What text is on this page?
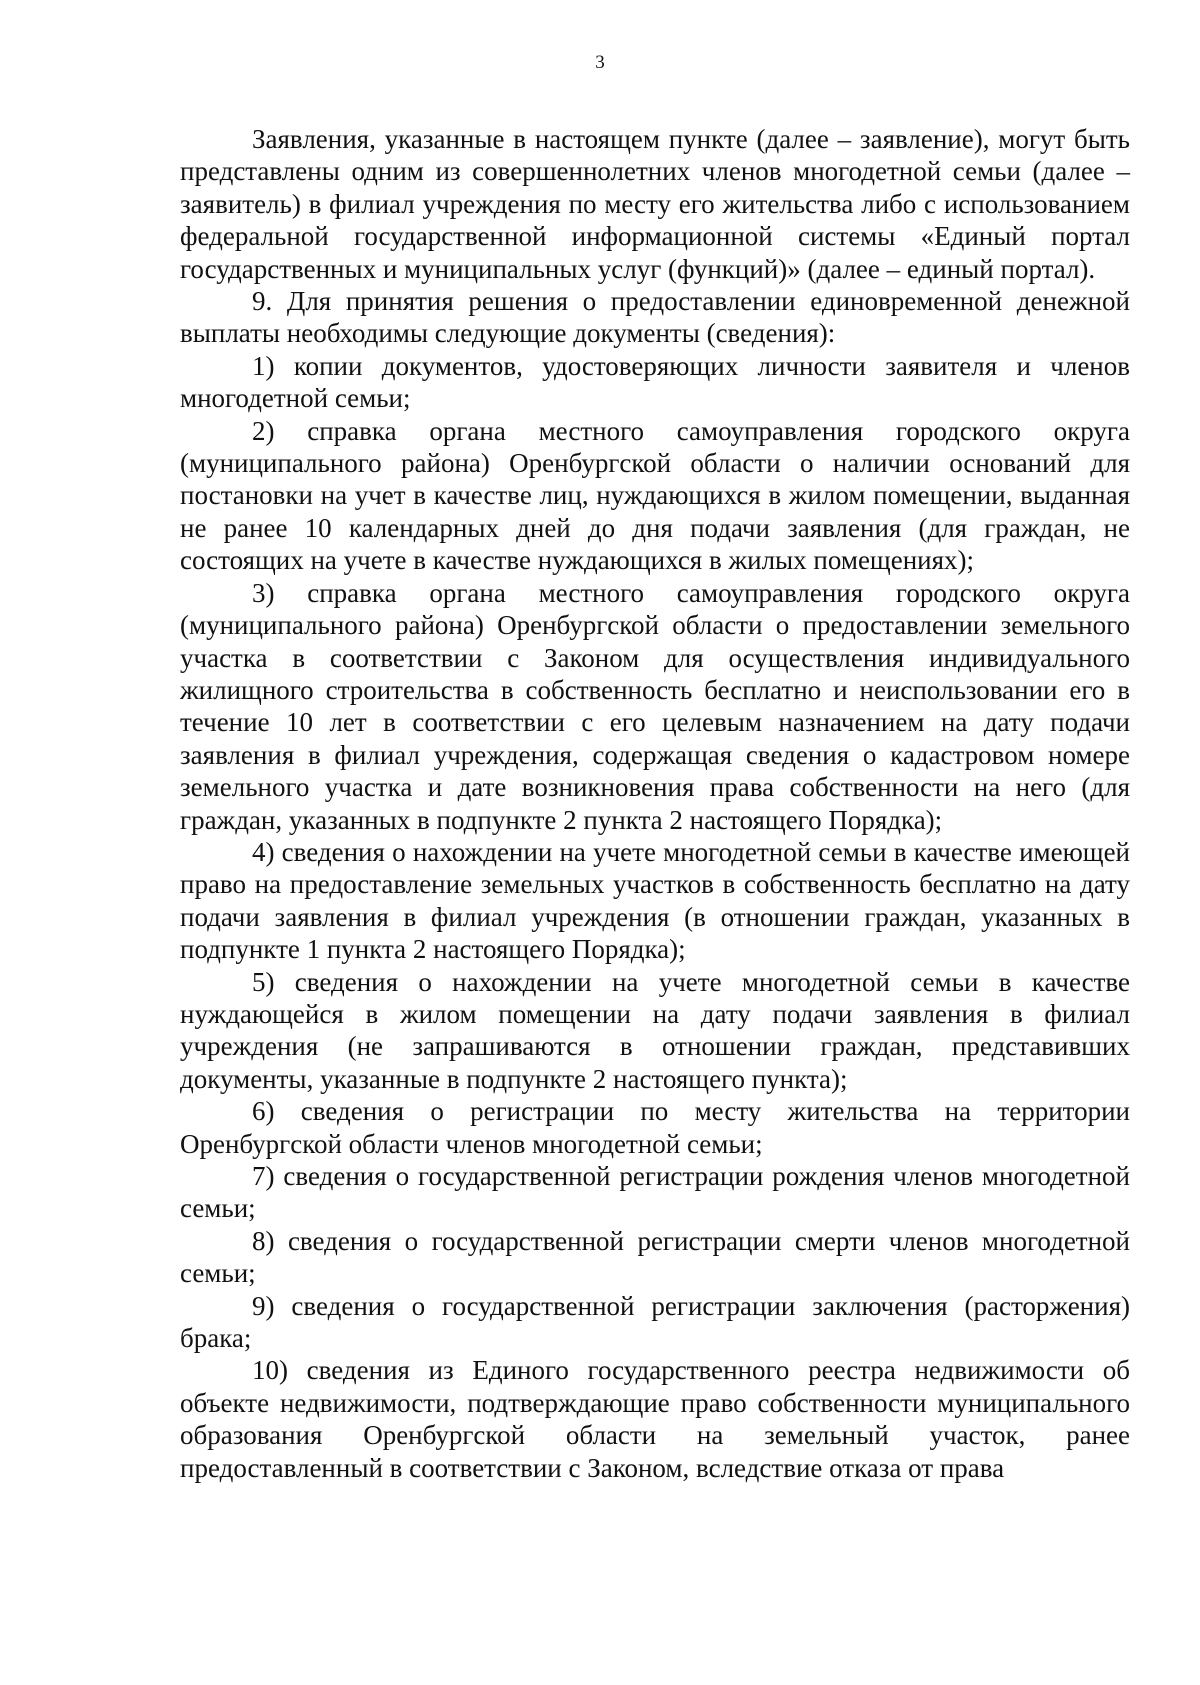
3

Заявления, указанные в настоящем пункте (далее – заявление), могут быть представлены одним из совершеннолетних членов многодетной семьи (далее – заявитель) в филиал учреждения по месту его жительства либо с использованием федеральной государственной информационной системы «Единый портал государственных и муниципальных услуг (функций)» (далее – единый портал).

9. Для принятия решения о предоставлении единовременной денежной выплаты необходимы следующие документы (сведения):

1) копии документов, удостоверяющих личности заявителя и членов многодетной семьи;

2) справка органа местного самоуправления городского округа (муниципального района) Оренбургской области о наличии оснований для постановки на учет в качестве лиц, нуждающихся в жилом помещении, выданная не ранее 10 календарных дней до дня подачи заявления (для граждан, не состоящих на учете в качестве нуждающихся в жилых помещениях);

3) справка органа местного самоуправления городского округа (муниципального района) Оренбургской области о предоставлении земельного участка в соответствии с Законом для осуществления индивидуального жилищного строительства в собственность бесплатно и неиспользовании его в течение 10 лет в соответствии с его целевым назначением на дату подачи заявления в филиал учреждения, содержащая сведения о кадастровом номере земельного участка и дате возникновения права собственности на него (для граждан, указанных в подпункте 2 пункта 2 настоящего Порядка);

4) сведения о нахождении на учете многодетной семьи в качестве имеющей право на предоставление земельных участков в собственность бесплатно на дату подачи заявления в филиал учреждения (в отношении граждан, указанных в подпункте 1 пункта 2 настоящего Порядка);

5) сведения о нахождении на учете многодетной семьи в качестве нуждающейся в жилом помещении на дату подачи заявления в филиал учреждения (не запрашиваются в отношении граждан, представивших документы, указанные в подпункте 2 настоящего пункта);

6) сведения о регистрации по месту жительства на территории Оренбургской области членов многодетной семьи;

7) сведения о государственной регистрации рождения членов многодетной семьи;

8) сведения о государственной регистрации смерти членов многодетной семьи;

9) сведения о государственной регистрации заключения (расторжения) брака;

10) сведения из Единого государственного реестра недвижимости об объекте недвижимости, подтверждающие право собственности муниципального образования Оренбургской области на земельный участок, ранее предоставленный в соответствии с Законом, вследствие отказа от права
